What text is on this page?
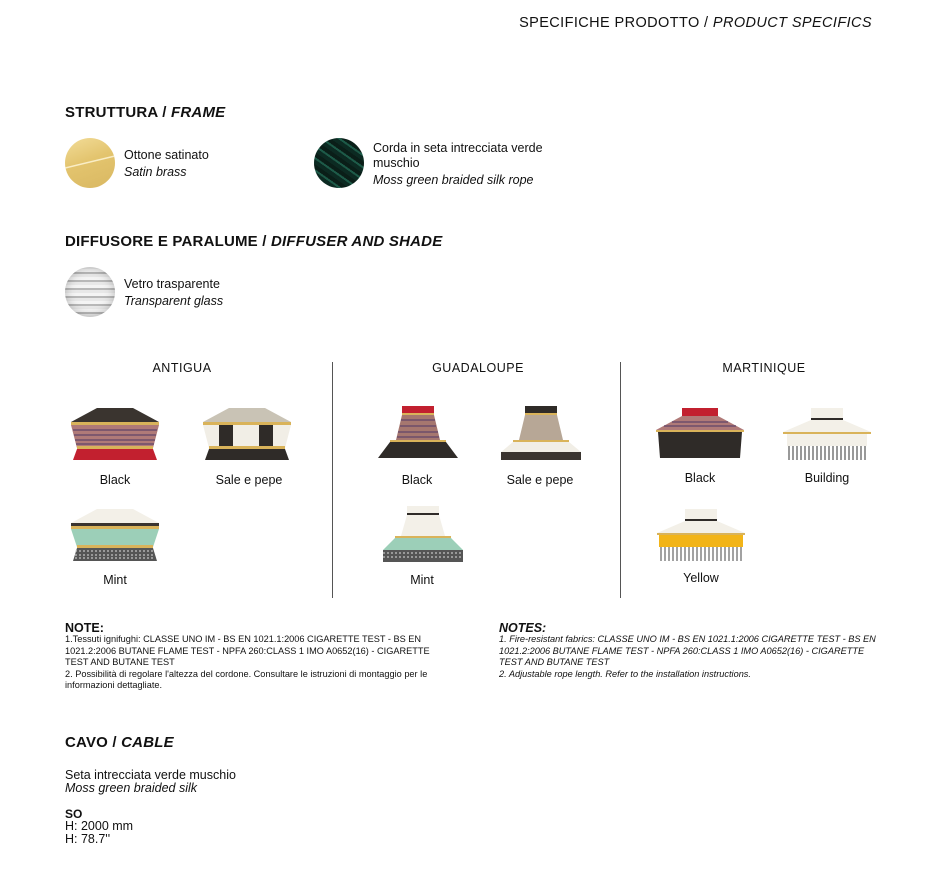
SPECIFICHE PRODOTTO / PRODUCT SPECIFICS
STRUTTURA / FRAME
Ottone satinato
Satin brass
Corda in seta intrecciata verde muschio
Moss green braided silk rope
DIFFUSORE E PARALUME / DIFFUSER AND SHADE
Vetro trasparente
Transparent glass
ANTIGUA	GUADALOUPE	MARTINIQUE
Black	Sale e pepe
Mint
Black	Sale e pepe
Mint
Black	Building
Yellow
NOTE:
1.Tessuti ignifughi: CLASSE UNO IM - BS EN 1021.1:2006 CIGARETTE TEST - BS EN 1021.2:2006 BUTANE FLAME TEST - NPFA 260:CLASS 1 IMO A0652(16) - CIGARETTE TEST AND BUTANE TEST
2. Possibilità di regolare l'altezza del cordone. Consultare le istruzioni di montaggio per le informazioni dettagliate.
NOTES:
1. Fire-resistant fabrics: CLASSE UNO IM - BS EN 1021.1:2006 CIGARETTE TEST - BS EN 1021.2:2006 BUTANE FLAME TEST - NPFA 260:CLASS 1 IMO A0652(16) - CIGARETTE TEST AND BUTANE TEST
2. Adjustable rope length. Refer to the installation instructions.
CAVO / CABLE
Seta intrecciata verde muschio
Moss green braided silk
SO
H: 2000 mm
H: 78.7''
